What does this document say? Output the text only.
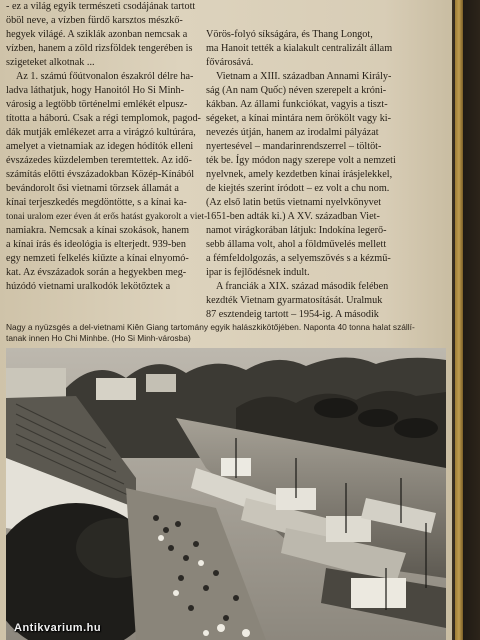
- ez a világ egyik természeti csodájának tartott

öböl neve, a vízben fürdő karsztos mészkő-

hegyek világé. A sziklák azonban nemcsak a

vízben, hanem a zöld rizsföldek tengerében is

szigeteket alkotnak ...

Az 1. számú főútvonalon északról délre ha-

ladva láthatjuk, hogy Hanoitól Ho Si Minh-

városig a legtöbb történelmi emlékét elpusz-

tította a háború. Csak a régi templomok, pagod-

dák mutják emlékezet arra a virágzó kultúrára,

amelyet a vietnamiak az idegen hódítók elleni

évszázedes küzdelemben teremtettek. Az idő-

számítás előtti évszázadokban Közép-Kínából

bevándorolt ősi vietnami törzsek államát a

kínai terjeszkedés megdöntötte, s a kínai ka-

tonai uralom ezer éven át erős hatást gyakorolt a viet-

namiakra. Nemcsak a kínai szokások, hanem

a kínai írás és ideológia is elterjedt. 939-ben

egy nemzeti felkelés kiűzte a kínai elnyomó-

kat. Az évszázadok során a hegyekben meg-

húzódó vietnami uralkodók lekötőztek a

Vörös-folyó síkságára, és Thang Longot,

ma Hanoit tették a kialakult centralizált állam

fővárosává.

Vietnam a XIII. században Annami Király-

ság (An nam Quốc) néven szerepelt a króni-

kákban. Az állami funkciókat, vagyis a tiszt-

ségeket, a kínai mintára nem örökölt vagy ki-

nevezés útján, hanem az irodalmi pályázat

nyertesével – mandarinrendszerrel – töltöt-

ték be. Így módon nagy szerepe volt a nemzeti

nyelvnek, amely kezdetben kínai írásjelekkel,

de kiejtés szerint íródott – ez volt a chu nom.

(Az első latin betűs vietnami nyelvkönyvet

1651-ben adták ki.) A XV. században Viet-

namot virágkorában látjuk: Indokína legerő-

sebb állama volt, ahol a földművelés mellett

a fémfeldolgozás, a selyemszövés s a kézmű-

ipar is fejlődésnek indult.

A franciák a XIX. század második felében

kezdték Vietnam gyarmatosítását. Uralmuk

87 esztendeig tartott – 1954-ig. A második

Nagy a nyüzsgés a del-vietnami Kiên Giang tartomány egyik halászkikötőjében. Naponta 40 tonna halat szállí-

tanak innen Ho Chi Minhbe. (Ho Si Minh-városba)

Antikvarium.hu
